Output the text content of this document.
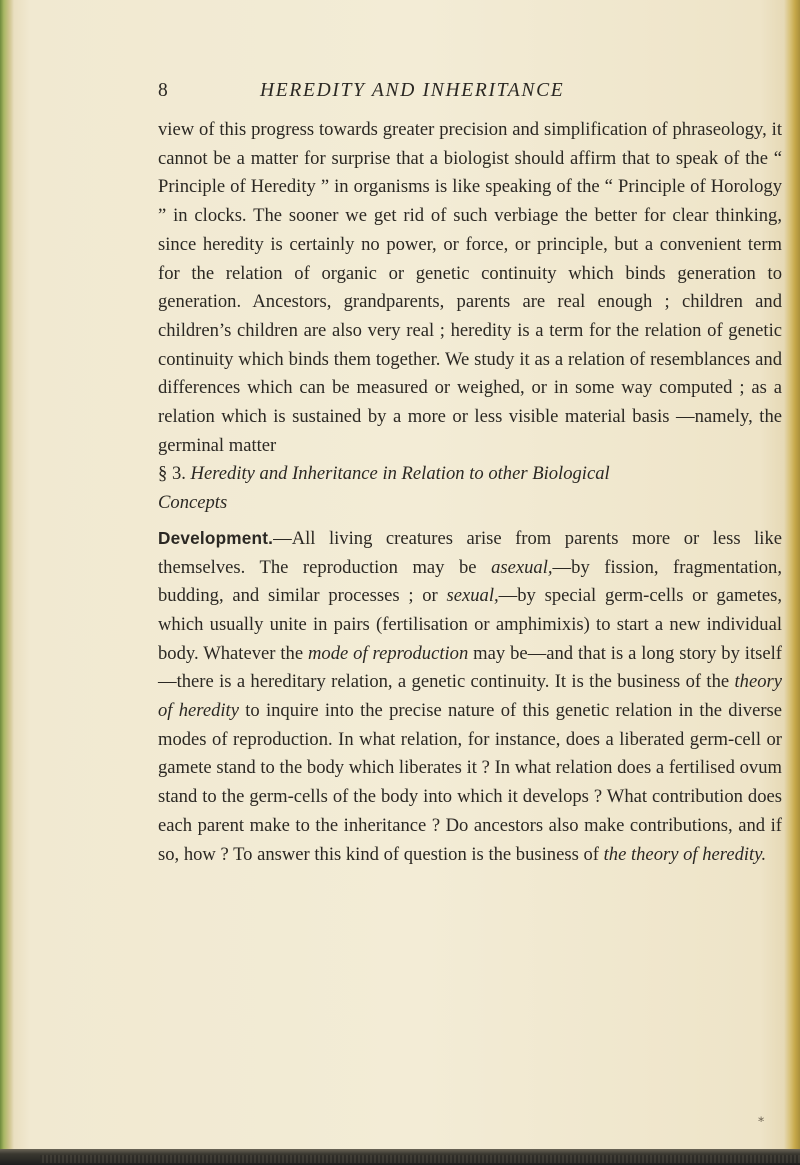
8	HEREDITY AND INHERITANCE

view of this progress towards greater precision and simplification of phraseology, it cannot be a matter for surprise that a biologist should affirm that to speak of the “ Principle of Heredity ” in organisms is like speaking of the “ Principle of Horology ” in clocks. The sooner we get rid of such verbiage the better for clear thinking, since heredity is certainly no power, or force, or principle, but a convenient term for the relation of organic or genetic continuity which binds generation to generation. Ancestors, grandparents, parents are real enough ; children and children’s children are also very real ; heredity is a term for the relation of genetic continuity which binds them together. We study it as a relation of resemblances and differences which can be measured or weighed, or in some way computed ; as a relation which is sustained by a more or less visible material basis —namely, the germinal matter

§ 3. Heredity and Inheritance in Relation to other Biological
Concepts

Development.—All living creatures arise from parents more or less like themselves. The reproduction may be asexual,—by fission, fragmentation, budding, and similar processes ; or sexual,—by special germ-cells or gametes, which usually unite in pairs (fertilisation or amphimixis) to start a new individual body. Whatever the mode of reproduction may be—and that is a long story by itself—there is a hereditary relation, a genetic continuity. It is the business of the theory of heredity to inquire into the precise nature of this genetic relation in the diverse modes of reproduction. In what relation, for instance, does a liberated germ-cell or gamete stand to the body which liberates it ? In what relation does a fertilised ovum stand to the germ-cells of the body into which it develops ? What contribution does each parent make to the inheritance ? Do ancestors also make contributions, and if so, how ? To answer this kind of question is the business of the theory of heredity.

∗
